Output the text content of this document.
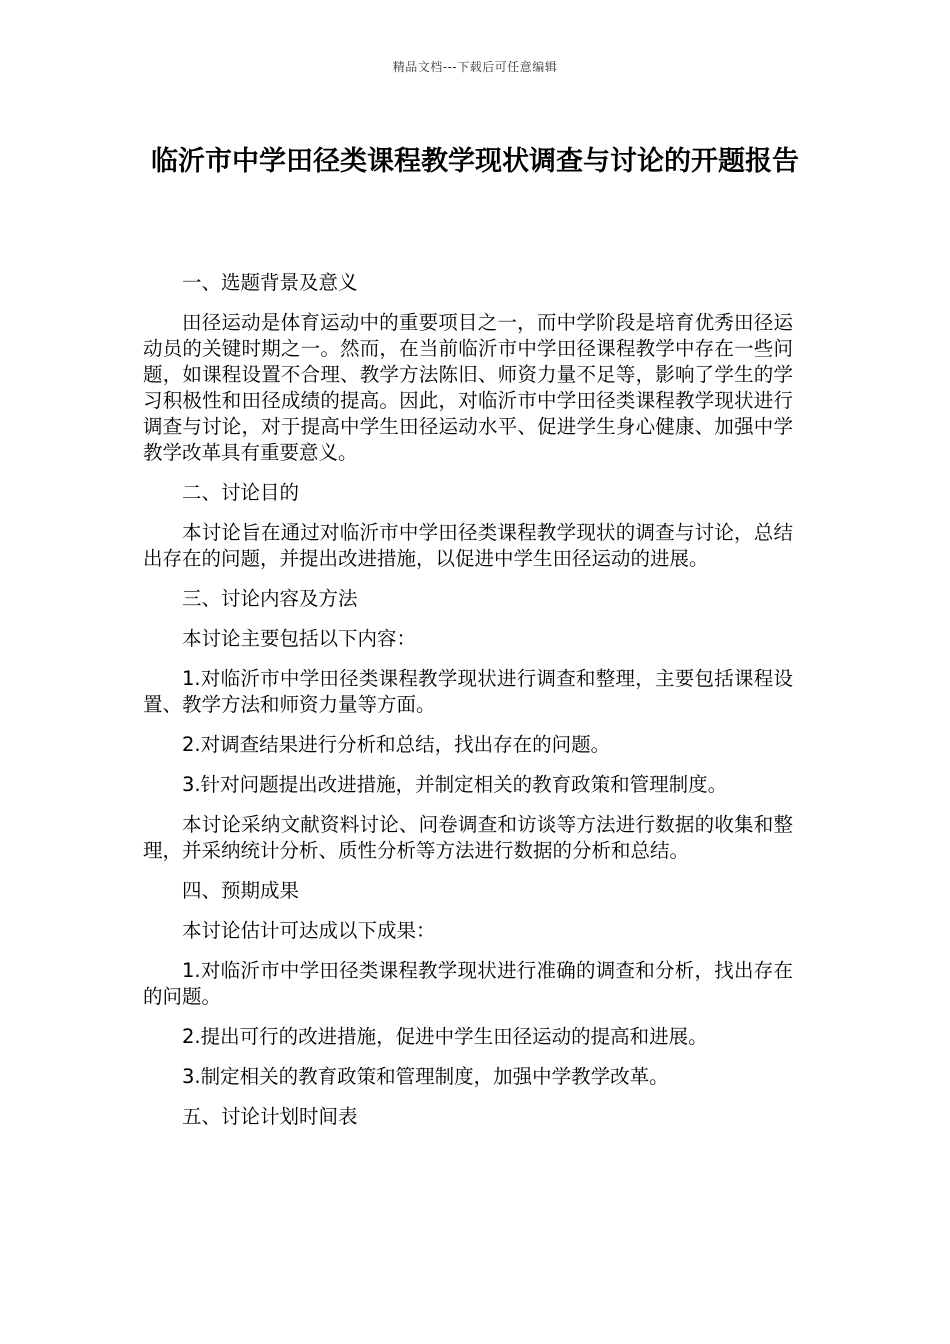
精品文档---下载后可任意编辑
临沂市中学田径类课程教学现状调查与讨论的开题报告

一、选题背景及意义

田径运动是体育运动中的重要项目之一，而中学阶段是培育优秀田径运动员的关键时期之一。然而，在当前临沂市中学田径课程教学中存在一些问题，如课程设置不合理、教学方法陈旧、师资力量不足等，影响了学生的学习积极性和田径成绩的提高。因此，对临沂市中学田径类课程教学现状进行调查与讨论，对于提高中学生田径运动水平、促进学生身心健康、加强中学教学改革具有重要意义。

二、讨论目的

本讨论旨在通过对临沂市中学田径类课程教学现状的调查与讨论，总结出存在的问题，并提出改进措施，以促进中学生田径运动的进展。

三、讨论内容及方法

本讨论主要包括以下内容：

1.对临沂市中学田径类课程教学现状进行调查和整理，主要包括课程设置、教学方法和师资力量等方面。

2.对调查结果进行分析和总结，找出存在的问题。

3.针对问题提出改进措施，并制定相关的教育政策和管理制度。

本讨论采纳文献资料讨论、问卷调查和访谈等方法进行数据的收集和整理，并采纳统计分析、质性分析等方法进行数据的分析和总结。

四、预期成果

本讨论估计可达成以下成果：

1.对临沂市中学田径类课程教学现状进行准确的调查和分析，找出存在的问题。

2.提出可行的改进措施，促进中学生田径运动的提高和进展。

3.制定相关的教育政策和管理制度，加强中学教学改革。

五、讨论计划时间表
